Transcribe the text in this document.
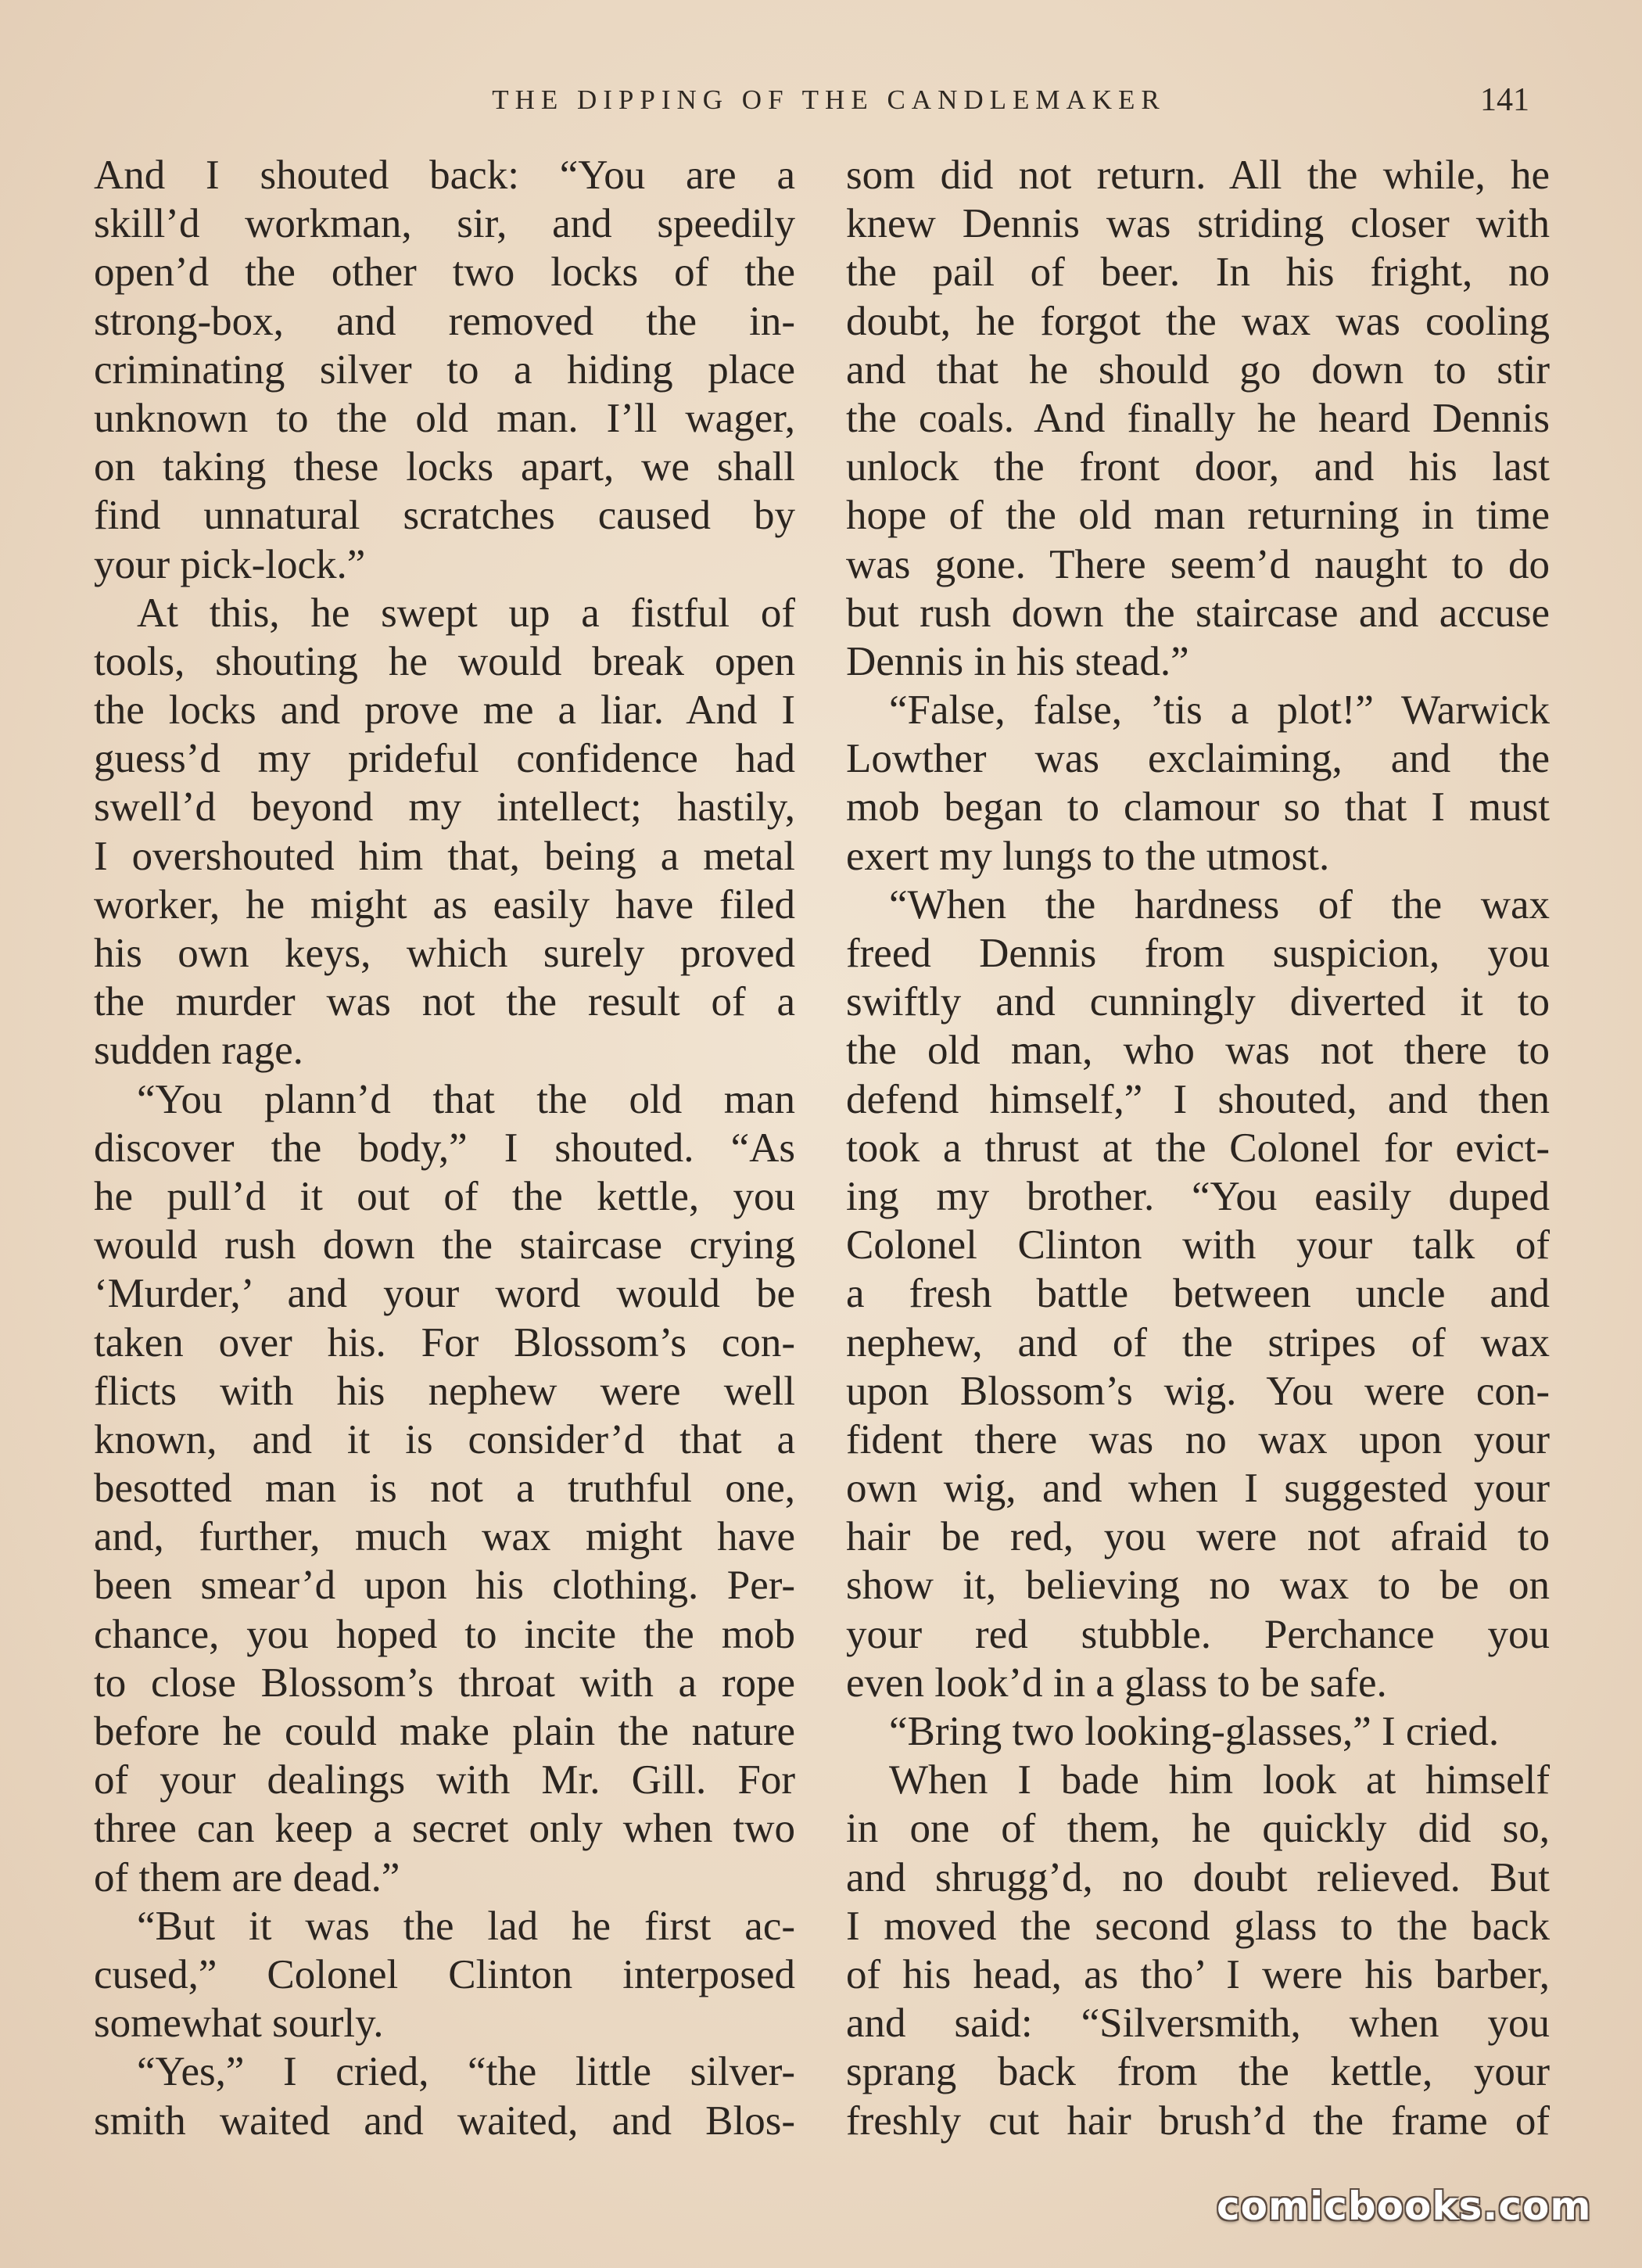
THE DIPPING OF THE CANDLEMAKER	141
And I shouted back: “You are a
skill’d workman, sir, and speedily
open’d the other two locks of the
strong-box, and removed the in-
criminating silver to a hiding place
unknown to the old man. I’ll wager,
on taking these locks apart, we shall
find unnatural scratches caused by
your pick-lock.”
At this, he swept up a fistful of
tools, shouting he would break open
the locks and prove me a liar. And I
guess’d my prideful confidence had
swell’d beyond my intellect; hastily,
I overshouted him that, being a metal
worker, he might as easily have filed
his own keys, which surely proved
the murder was not the result of a
sudden rage.
“You plann’d that the old man
discover the body,” I shouted. “As
he pull’d it out of the kettle, you
would rush down the staircase crying
‘Murder,’ and your word would be
taken over his. For Blossom’s con-
flicts with his nephew were well
known, and it is consider’d that a
besotted man is not a truthful one,
and, further, much wax might have
been smear’d upon his clothing. Per-
chance, you hoped to incite the mob
to close Blossom’s throat with a rope
before he could make plain the nature
of your dealings with Mr. Gill. For
three can keep a secret only when two
of them are dead.”
“But it was the lad he first ac-
cused,” Colonel Clinton interposed
somewhat sourly.
“Yes,” I cried, “the little silver-
smith waited and waited, and Blos-
som did not return. All the while, he
knew Dennis was striding closer with
the pail of beer. In his fright, no
doubt, he forgot the wax was cooling
and that he should go down to stir
the coals. And finally he heard Dennis
unlock the front door, and his last
hope of the old man returning in time
was gone. There seem’d naught to do
but rush down the staircase and accuse
Dennis in his stead.”
“False, false, ’tis a plot!” Warwick
Lowther was exclaiming, and the
mob began to clamour so that I must
exert my lungs to the utmost.
“When the hardness of the wax
freed Dennis from suspicion, you
swiftly and cunningly diverted it to
the old man, who was not there to
defend himself,” I shouted, and then
took a thrust at the Colonel for evict-
ing my brother. “You easily duped
Colonel Clinton with your talk of
a fresh battle between uncle and
nephew, and of the stripes of wax
upon Blossom’s wig. You were con-
fident there was no wax upon your
own wig, and when I suggested your
hair be red, you were not afraid to
show it, believing no wax to be on
your red stubble. Perchance you
even look’d in a glass to be safe.
“Bring two looking-glasses,” I cried.
When I bade him look at himself
in one of them, he quickly did so,
and shrugg’d, no doubt relieved. But
I moved the second glass to the back
of his head, as tho’ I were his barber,
and said: “Silversmith, when you
sprang back from the kettle, your
freshly cut hair brush’d the frame of
comicbooks.com
